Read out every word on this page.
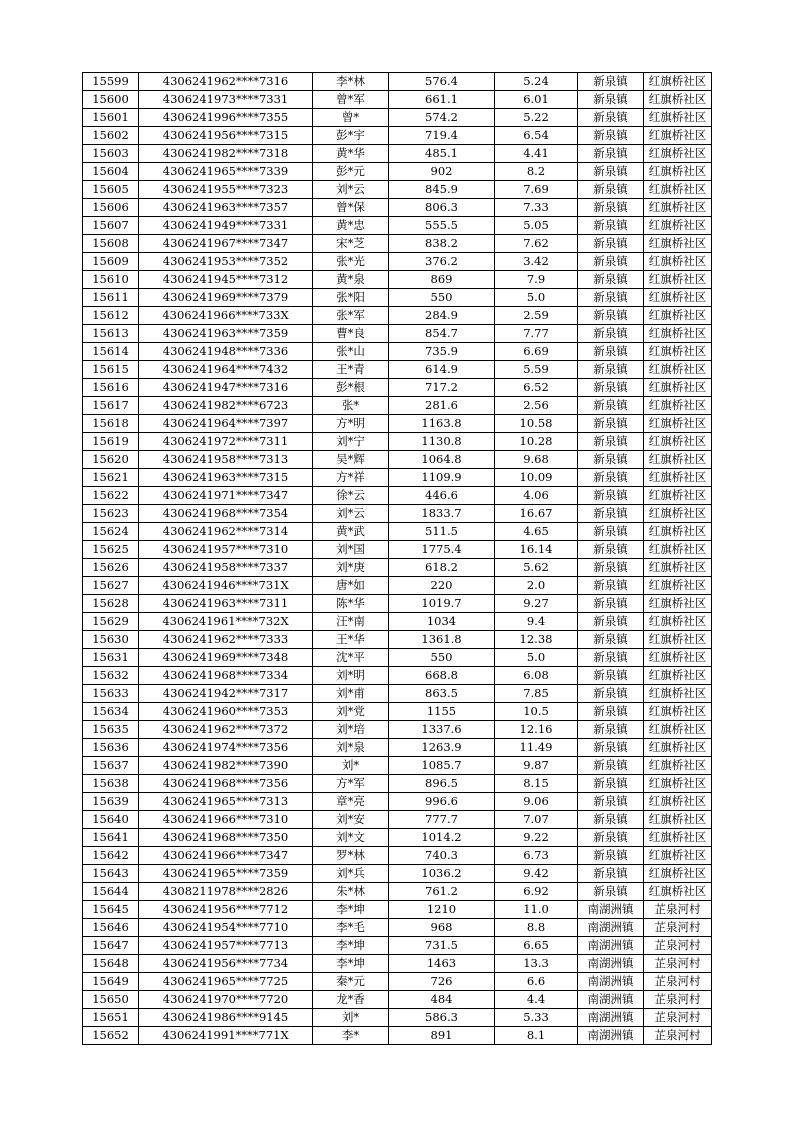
15599	4306241962****7316	李*林	576.4	5.24	新泉镇	红旗桥社区
15600	4306241973****7331	曾*军	661.1	6.01	新泉镇	红旗桥社区
15601	4306241996****7355	曾*	574.2	5.22	新泉镇	红旗桥社区
15602	4306241956****7315	彭*宇	719.4	6.54	新泉镇	红旗桥社区
15603	4306241982****7318	黄*华	485.1	4.41	新泉镇	红旗桥社区
15604	4306241965****7339	彭*元	902	8.2	新泉镇	红旗桥社区
15605	4306241955****7323	刘*云	845.9	7.69	新泉镇	红旗桥社区
15606	4306241963****7357	曾*保	806.3	7.33	新泉镇	红旗桥社区
15607	4306241949****7331	黄*忠	555.5	5.05	新泉镇	红旗桥社区
15608	4306241967****7347	宋*芝	838.2	7.62	新泉镇	红旗桥社区
15609	4306241953****7352	张*光	376.2	3.42	新泉镇	红旗桥社区
15610	4306241945****7312	黄*泉	869	7.9	新泉镇	红旗桥社区
15611	4306241969****7379	张*阳	550	5.0	新泉镇	红旗桥社区
15612	4306241966****733X	张*军	284.9	2.59	新泉镇	红旗桥社区
15613	4306241963****7359	曹*良	854.7	7.77	新泉镇	红旗桥社区
15614	4306241948****7336	张*山	735.9	6.69	新泉镇	红旗桥社区
15615	4306241964****7432	王*青	614.9	5.59	新泉镇	红旗桥社区
15616	4306241947****7316	彭*根	717.2	6.52	新泉镇	红旗桥社区
15617	4306241982****6723	张*	281.6	2.56	新泉镇	红旗桥社区
15618	4306241964****7397	方*明	1163.8	10.58	新泉镇	红旗桥社区
15619	4306241972****7311	刘*宁	1130.8	10.28	新泉镇	红旗桥社区
15620	4306241958****7313	吴*辉	1064.8	9.68	新泉镇	红旗桥社区
15621	4306241963****7315	方*祥	1109.9	10.09	新泉镇	红旗桥社区
15622	4306241971****7347	徐*云	446.6	4.06	新泉镇	红旗桥社区
15623	4306241968****7354	刘*云	1833.7	16.67	新泉镇	红旗桥社区
15624	4306241962****7314	黄*武	511.5	4.65	新泉镇	红旗桥社区
15625	4306241957****7310	刘*国	1775.4	16.14	新泉镇	红旗桥社区
15626	4306241958****7337	刘*庚	618.2	5.62	新泉镇	红旗桥社区
15627	4306241946****731X	唐*如	220	2.0	新泉镇	红旗桥社区
15628	4306241963****7311	陈*华	1019.7	9.27	新泉镇	红旗桥社区
15629	4306241961****732X	汪*南	1034	9.4	新泉镇	红旗桥社区
15630	4306241962****7333	王*华	1361.8	12.38	新泉镇	红旗桥社区
15631	4306241969****7348	沈*平	550	5.0	新泉镇	红旗桥社区
15632	4306241968****7334	刘*明	668.8	6.08	新泉镇	红旗桥社区
15633	4306241942****7317	刘*甫	863.5	7.85	新泉镇	红旗桥社区
15634	4306241960****7353	刘*党	1155	10.5	新泉镇	红旗桥社区
15635	4306241962****7372	刘*培	1337.6	12.16	新泉镇	红旗桥社区
15636	4306241974****7356	刘*泉	1263.9	11.49	新泉镇	红旗桥社区
15637	4306241982****7390	刘*	1085.7	9.87	新泉镇	红旗桥社区
15638	4306241968****7356	方*军	896.5	8.15	新泉镇	红旗桥社区
15639	4306241965****7313	章*亮	996.6	9.06	新泉镇	红旗桥社区
15640	4306241966****7310	刘*安	777.7	7.07	新泉镇	红旗桥社区
15641	4306241968****7350	刘*文	1014.2	9.22	新泉镇	红旗桥社区
15642	4306241966****7347	罗*林	740.3	6.73	新泉镇	红旗桥社区
15643	4306241965****7359	刘*兵	1036.2	9.42	新泉镇	红旗桥社区
15644	4308211978****2826	朱*林	761.2	6.92	新泉镇	红旗桥社区
15645	4306241956****7712	李*坤	1210	11.0	南湖洲镇	芷泉河村
15646	4306241954****7710	李*毛	968	8.8	南湖洲镇	芷泉河村
15647	4306241957****7713	李*坤	731.5	6.65	南湖洲镇	芷泉河村
15648	4306241956****7734	李*坤	1463	13.3	南湖洲镇	芷泉河村
15649	4306241965****7725	秦*元	726	6.6	南湖洲镇	芷泉河村
15650	4306241970****7720	龙*香	484	4.4	南湖洲镇	芷泉河村
15651	4306241986****9145	刘*	586.3	5.33	南湖洲镇	芷泉河村
15652	4306241991****771X	李*	891	8.1	南湖洲镇	芷泉河村
